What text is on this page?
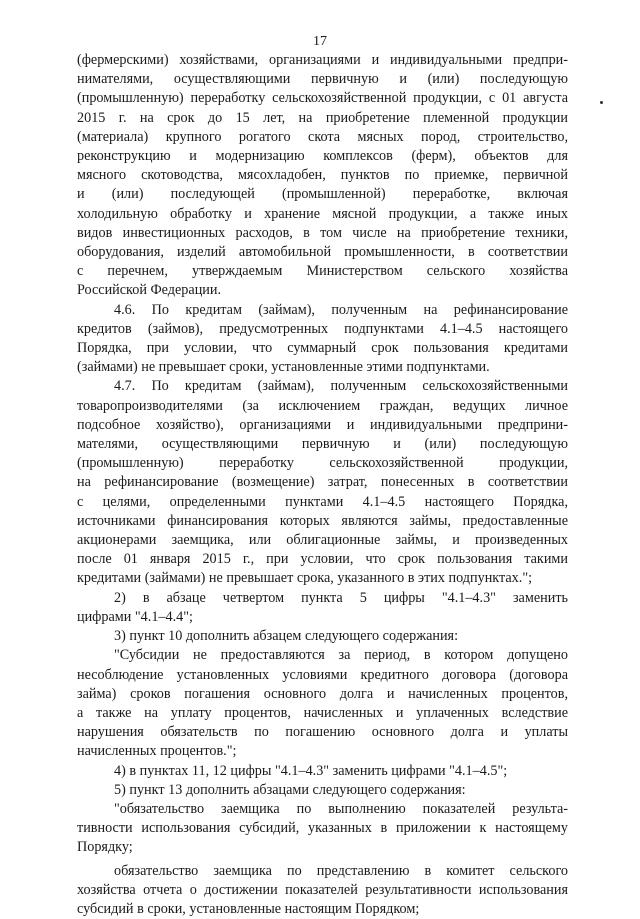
17

(фермерскими) хозяйствами, организациями и индивидуальными предпри-

нимателями, осуществляющими первичную и (или) последующую

(промышленную) переработку сельскохозяйственной продукции, с 01 августа

2015 г. на срок до 15 лет, на приобретение племенной продукции

(материала) крупного рогатого скота мясных пород, строительство,

реконструкцию и модернизацию комплексов (ферм), объектов для

мясного скотоводства, мясохладобен, пунктов по приемке, первичной

и (или) последующей (промышленной) переработке, включая

холодильную обработку и хранение мясной продукции, а также иных

видов инвестиционных расходов, в том числе на приобретение техники,

оборудования, изделий автомобильной промышленности, в соответствии

с перечнем, утверждаемым Министерством сельского хозяйства

Российской Федерации.

4.6. По кредитам (займам), полученным на рефинансирование

кредитов (займов), предусмотренных подпунктами 4.1–4.5 настоящего

Порядка, при условии, что суммарный срок пользования кредитами

(займами) не превышает сроки, установленные этими подпунктами.

4.7. По кредитам (займам), полученным сельскохозяйственными

товаропроизводителями (за исключением граждан, ведущих личное

подсобное хозяйство), организациями и индивидуальными предприни-

мателями, осуществляющими первичную и (или) последующую

(промышленную) переработку сельскохозяйственной продукции,

на рефинансирование (возмещение) затрат, понесенных в соответствии

с целями, определенными пунктами 4.1–4.5 настоящего Порядка,

источниками финансирования которых являются займы, предоставленные

акционерами заемщика, или облигационные займы, и произведенных

после 01 января 2015 г., при условии, что срок пользования такими

кредитами (займами) не превышает срока, указанного в этих подпунктах.";

2) в абзаце четвертом пункта 5 цифры "4.1–4.3" заменить

цифрами "4.1–4.4";

3) пункт 10 дополнить абзацем следующего содержания:

"Субсидии не предоставляются за период, в котором допущено

несоблюдение установленных условиями кредитного договора (договора

займа) сроков погашения основного долга и начисленных процентов,

а также на уплату процентов, начисленных и уплаченных вследствие

нарушения обязательств по погашению основного долга и уплаты

начисленных процентов.";

4) в пунктах 11, 12 цифры "4.1–4.3" заменить цифрами "4.1–4.5";

5) пункт 13 дополнить абзацами следующего содержания:

"обязательство заемщика по выполнению показателей результа-

тивности использования субсидий, указанных в приложении к настоящему

Порядку;

обязательство заемщика по представлению в комитет сельского

хозяйства отчета о достижении показателей результативности использования

субсидий в сроки, установленные настоящим Порядком;
